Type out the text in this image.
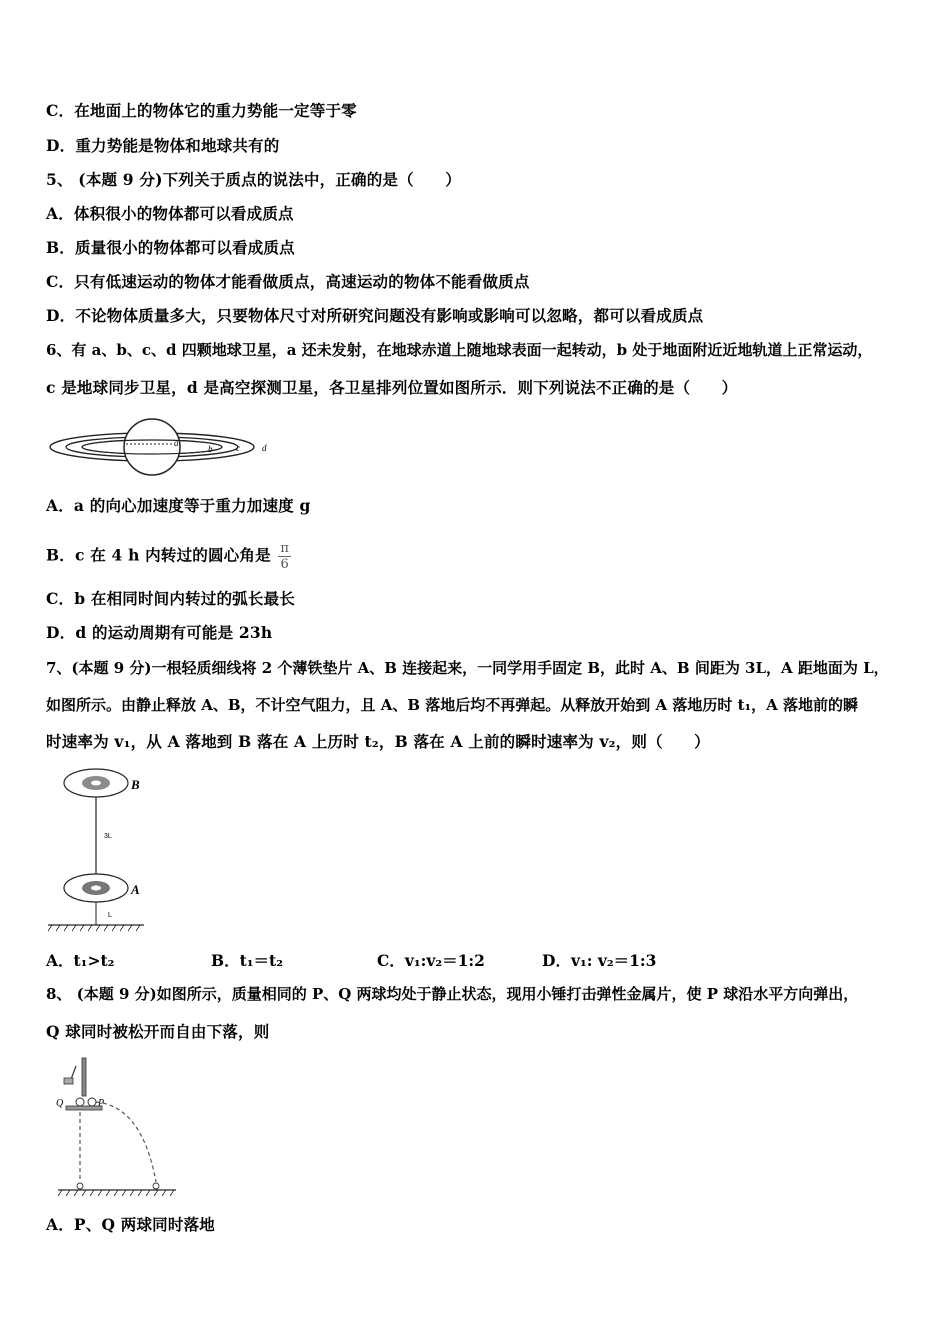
C．在地面上的物体它的重力势能一定等于零
D．重力势能是物体和地球共有的
5、 (本题 9 分)下列关于质点的说法中，正确的是（　　）
A．体积很小的物体都可以看成质点
B．质量很小的物体都可以看成质点
C．只有低速运动的物体才能看做质点，高速运动的物体不能看做质点
D．不论物体质量多大，只要物体尺寸对所研究问题没有影响或影响可以忽略，都可以看成质点
6、有 a、b、c、d 四颗地球卫星，a 还未发射，在地球赤道上随地球表面一起转动，b 处于地面附近近地轨道上正常运动，
c 是地球同步卫星，d 是高空探测卫星，各卫星排列位置如图所示．则下列说法不正确的是（　　）
a
b	c d
A．a 的向心加速度等于重力加速度 g
B．c 在 4 h 内转过的圆心角是 $\frac{\pi}{6}$
C．b 在相同时间内转过的弧长最长
D．d 的运动周期有可能是 23h
7、(本题 9 分)一根轻质细线将 2 个薄铁垫片 A、B 连接起来，一同学用手固定 B，此时 A、B 间距为 3L，A 距地面为 L，
如图所示。由静止释放 A、B，不计空气阻力，且 A、B 落地后均不再弹起。从释放开始到 A 落地历时 t₁，A 落地前的瞬
时速率为 v₁，从 A 落地到 B 落在 A 上历时 t₂，B 落在 A 上前的瞬时速率为 v₂，则（　　）
B
3L
A
L
A．t₁>t₂	B．t₁＝t₂	C．v₁:v₂＝1:2	D．v₁: v₂＝1:3
8、 (本题 9 分)如图所示，质量相同的 P、Q 两球均处于静止状态，现用小锤打击弹性金属片，使 P 球沿水平方向弹出，
Q 球同时被松开而自由下落，则
Q	P
A．P、Q 两球同时落地
